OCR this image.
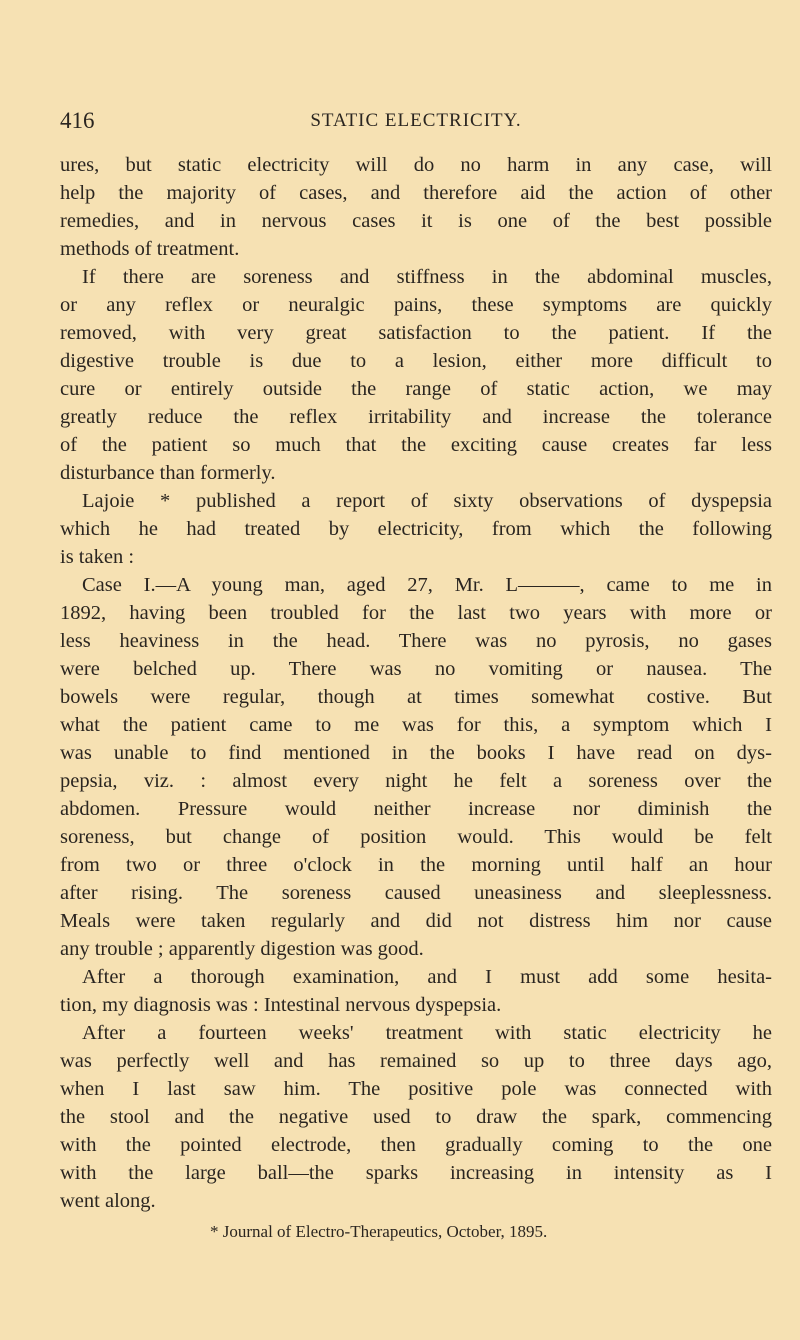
416	STATIC ELECTRICITY.
ures, but static electricity will do no harm in any case, will
help the majority of cases, and therefore aid the action of other
remedies, and in nervous cases it is one of the best possible
methods of treatment.
If there are soreness and stiffness in the abdominal muscles,
or any reflex or neuralgic pains, these symptoms are quickly
removed, with very great satisfaction to the patient. If the
digestive trouble is due to a lesion, either more difficult to
cure or entirely outside the range of static action, we may
greatly reduce the reflex irritability and increase the tolerance
of the patient so much that the exciting cause creates far less
disturbance than formerly.
Lajoie * published a report of sixty observations of dyspepsia
which he had treated by electricity, from which the following
is taken :
Case I.—A young man, aged 27, Mr. L———, came to me in
1892, having been troubled for the last two years with more or
less heaviness in the head. There was no pyrosis, no gases
were belched up. There was no vomiting or nausea. The
bowels were regular, though at times somewhat costive. But
what the patient came to me was for this, a symptom which I
was unable to find mentioned in the books I have read on dys-
pepsia, viz. : almost every night he felt a soreness over the
abdomen. Pressure would neither increase nor diminish the
soreness, but change of position would. This would be felt
from two or three o'clock in the morning until half an hour
after rising. The soreness caused uneasiness and sleeplessness.
Meals were taken regularly and did not distress him nor cause
any trouble ; apparently digestion was good.
After a thorough examination, and I must add some hesita-
tion, my diagnosis was : Intestinal nervous dyspepsia.
After a fourteen weeks' treatment with static electricity he
was perfectly well and has remained so up to three days ago,
when I last saw him. The positive pole was connected with
the stool and the negative used to draw the spark, commencing
with the pointed electrode, then gradually coming to the one
with the large ball—the sparks increasing in intensity as I
went along.
* Journal of Electro-Therapeutics, October, 1895.
